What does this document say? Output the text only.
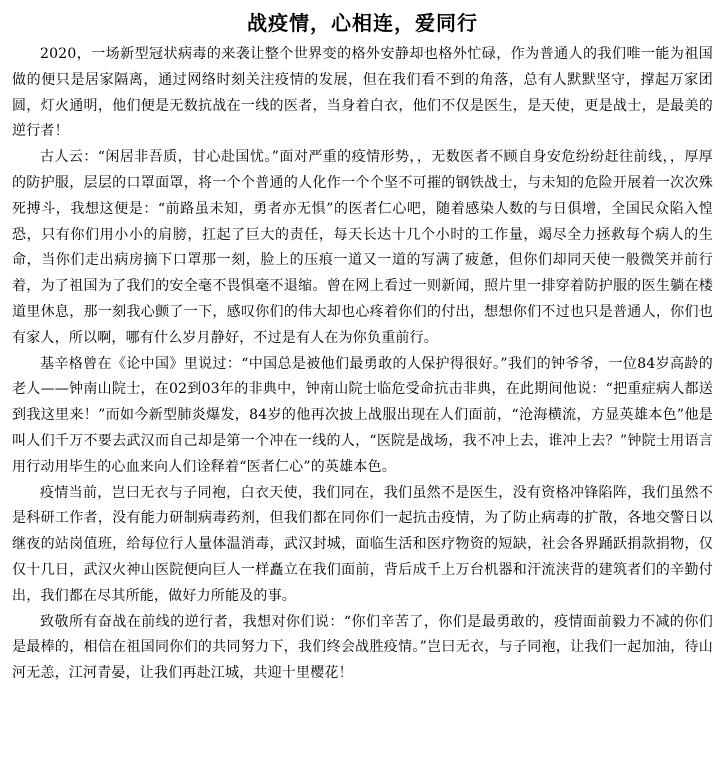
战疫情，心相连，爱同行

2020，一场新型冠状病毒的来袭让整个世界变的格外安静却也格外忙碌，作为普通人的我们唯一能为祖国做的便只是居家隔离，通过网络时刻关注疫情的发展，但在我们看不到的角落，总有人默默坚守，撑起万家团圆，灯火通明，他们便是无数抗战在一线的医者，当身着白衣，他们不仅是医生，是天使，更是战士，是最美的逆行者！

古人云：“闲居非吾质，甘心赴国忧。”面对严重的疫情形势，，无数医者不顾自身安危纷纷赶往前线，，厚厚的防护服，层层的口罩面罩，将一个个普通的人化作一个个坚不可摧的钢铁战士，与未知的危险开展着一次次殊死搏斗，我想这便是：“前路虽未知，勇者亦无惧”的医者仁心吧，随着感染人数的与日俱增，全国民众陷入惶恐，只有你们用小小的肩膀，扛起了巨大的责任，每天长达十几个小时的工作量，竭尽全力拯救每个病人的生命，当你们走出病房摘下口罩那一刻，脸上的压痕一道又一道的写满了疲惫，但你们却同天使一般微笑并前行着，为了祖国为了我们的安全毫不畏惧毫不退缩。曾在网上看过一则新闻，照片里一排穿着防护服的医生躺在楼道里休息，那一刻我心颤了一下，感叹你们的伟大却也心疼着你们的付出，想想你们不过也只是普通人，你们也有家人，所以啊，哪有什么岁月静好，不过是有人在为你负重前行。

基辛格曾在《论中国》里说过：“中国总是被他们最勇敢的人保护得很好。”我们的钟爷爷，一位84岁高龄的老人——钟南山院士，在02到03年的非典中，钟南山院士临危受命抗击非典，在此期间他说：“把重症病人都送到我这里来！”而如今新型肺炎爆发，84岁的他再次披上战服出现在人们面前，“沧海横流，方显英雄本色”他是叫人们千万不要去武汉而自己却是第一个冲在一线的人，“医院是战场，我不冲上去，谁冲上去？”钟院士用语言用行动用毕生的心血来向人们诠释着“医者仁心”的英雄本色。

疫情当前，岂曰无衣与子同袍，白衣天使，我们同在，我们虽然不是医生，没有资格冲锋陷阵，我们虽然不是科研工作者，没有能力研制病毒药剂，但我们都在同你们一起抗击疫情，为了防止病毒的扩散，各地交警日以继夜的站岗值班，给每位行人量体温消毒，武汉封城，面临生活和医疗物资的短缺，社会各界踊跃捐款捐物，仅仅十几日，武汉火神山医院便向巨人一样矗立在我们面前，背后成千上万台机器和汗流浃背的建筑者们的辛勤付出，我们都在尽其所能，做好力所能及的事。

致敬所有奋战在前线的逆行者，我想对你们说：“你们辛苦了，你们是最勇敢的，疫情面前毅力不减的你们是最棒的，相信在祖国同你们的共同努力下，我们终会战胜疫情。”岂曰无衣，与子同袍，让我们一起加油，待山河无恙，江河青晏，让我们再赴江城，共迎十里樱花！
